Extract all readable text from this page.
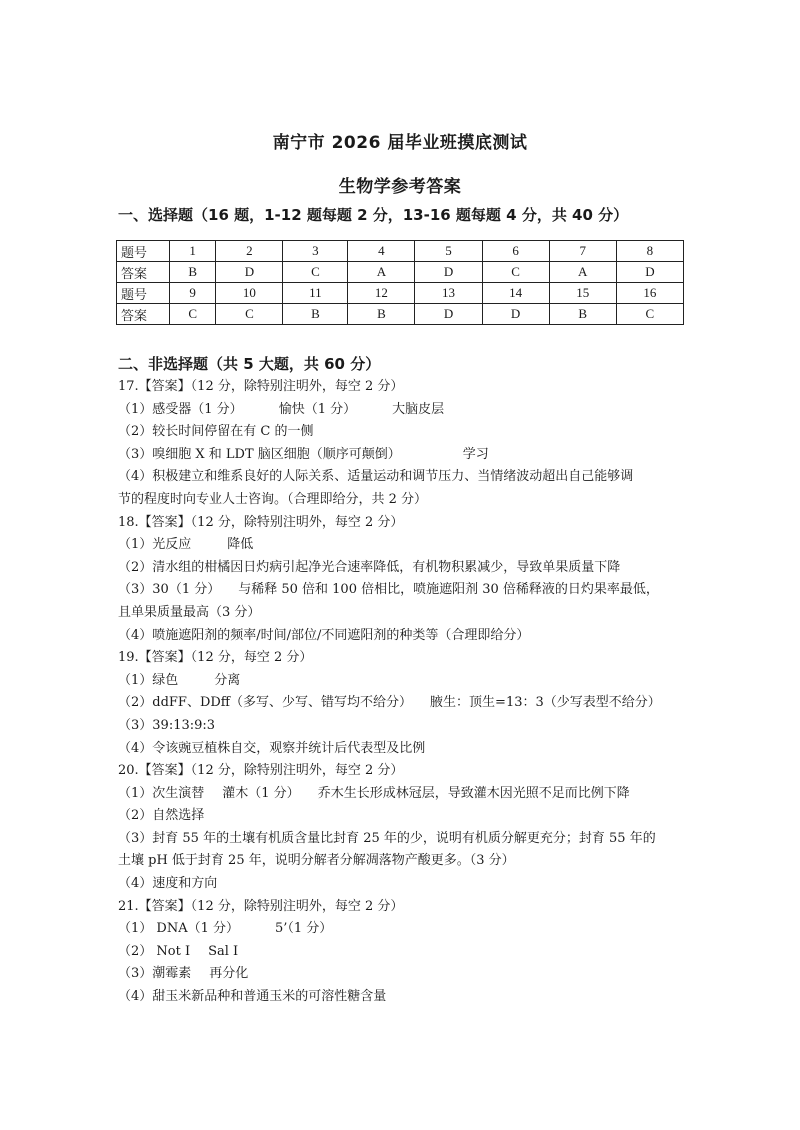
南宁市 2026 届毕业班摸底测试
生物学参考答案
一、选择题（16 题，1-12 题每题 2 分，13-16 题每题 4 分，共 40 分）
题号	1	2	3	4	5	6	7	8
答案	B	D	C	A	D	C	A	D
题号	9	10	11	12	13	14	15	16
答案	C	C	B	B	D	D	B	C
二、非选择题（共 5 大题，共 60 分）
17.【答案】（12 分，除特别注明外，每空 2 分）
（1）感受器（1 分）	愉快（1 分）	大脑皮层
（2）较长时间停留在有 C 的一侧
（3）嗅细胞 X 和 LDT 脑区细胞（顺序可颠倒）	学习
（4）积极建立和维系良好的人际关系、适量运动和调节压力、当情绪波动超出自己能够调
节的程度时向专业人士咨询。（合理即给分，共 2 分）
18.【答案】（12 分，除特别注明外，每空 2 分）
（1）光反应	降低
（2）清水组的柑橘因日灼病引起净光合速率降低，有机物积累减少，导致单果质量下降
（3）30（1 分） 与稀释 50 倍和 100 倍相比，喷施遮阳剂 30 倍稀释液的日灼果率最低，
且单果质量最高（3 分）
（4）喷施遮阳剂的频率/时间/部位/不同遮阳剂的种类等（合理即给分）
19.【答案】（12 分，每空 2 分）
（1）绿色	分离
（2）ddFF、DDff（多写、少写、错写均不给分） 腋生：顶生=13：3（少写表型不给分）
（3）39:13:9:3
（4）令该豌豆植株自交，观察并统计后代表型及比例
20.【答案】（12 分，除特别注明外，每空 2 分）
（1）次生演替 灌木（1 分） 乔木生长形成林冠层，导致灌木因光照不足而比例下降
（2）自然选择
（3）封育 55 年的土壤有机质含量比封育 25 年的少，说明有机质分解更充分；封育 55 年的
土壤 pH 低于封育 25 年，说明分解者分解凋落物产酸更多。（3 分）
（4）速度和方向
21.【答案】（12 分，除特别注明外，每空 2 分）
（1） DNA（1 分）	5’（1 分）
（2） Not I Sal I
（3）潮霉素 再分化
（4）甜玉米新品种和普通玉米的可溶性糖含量
